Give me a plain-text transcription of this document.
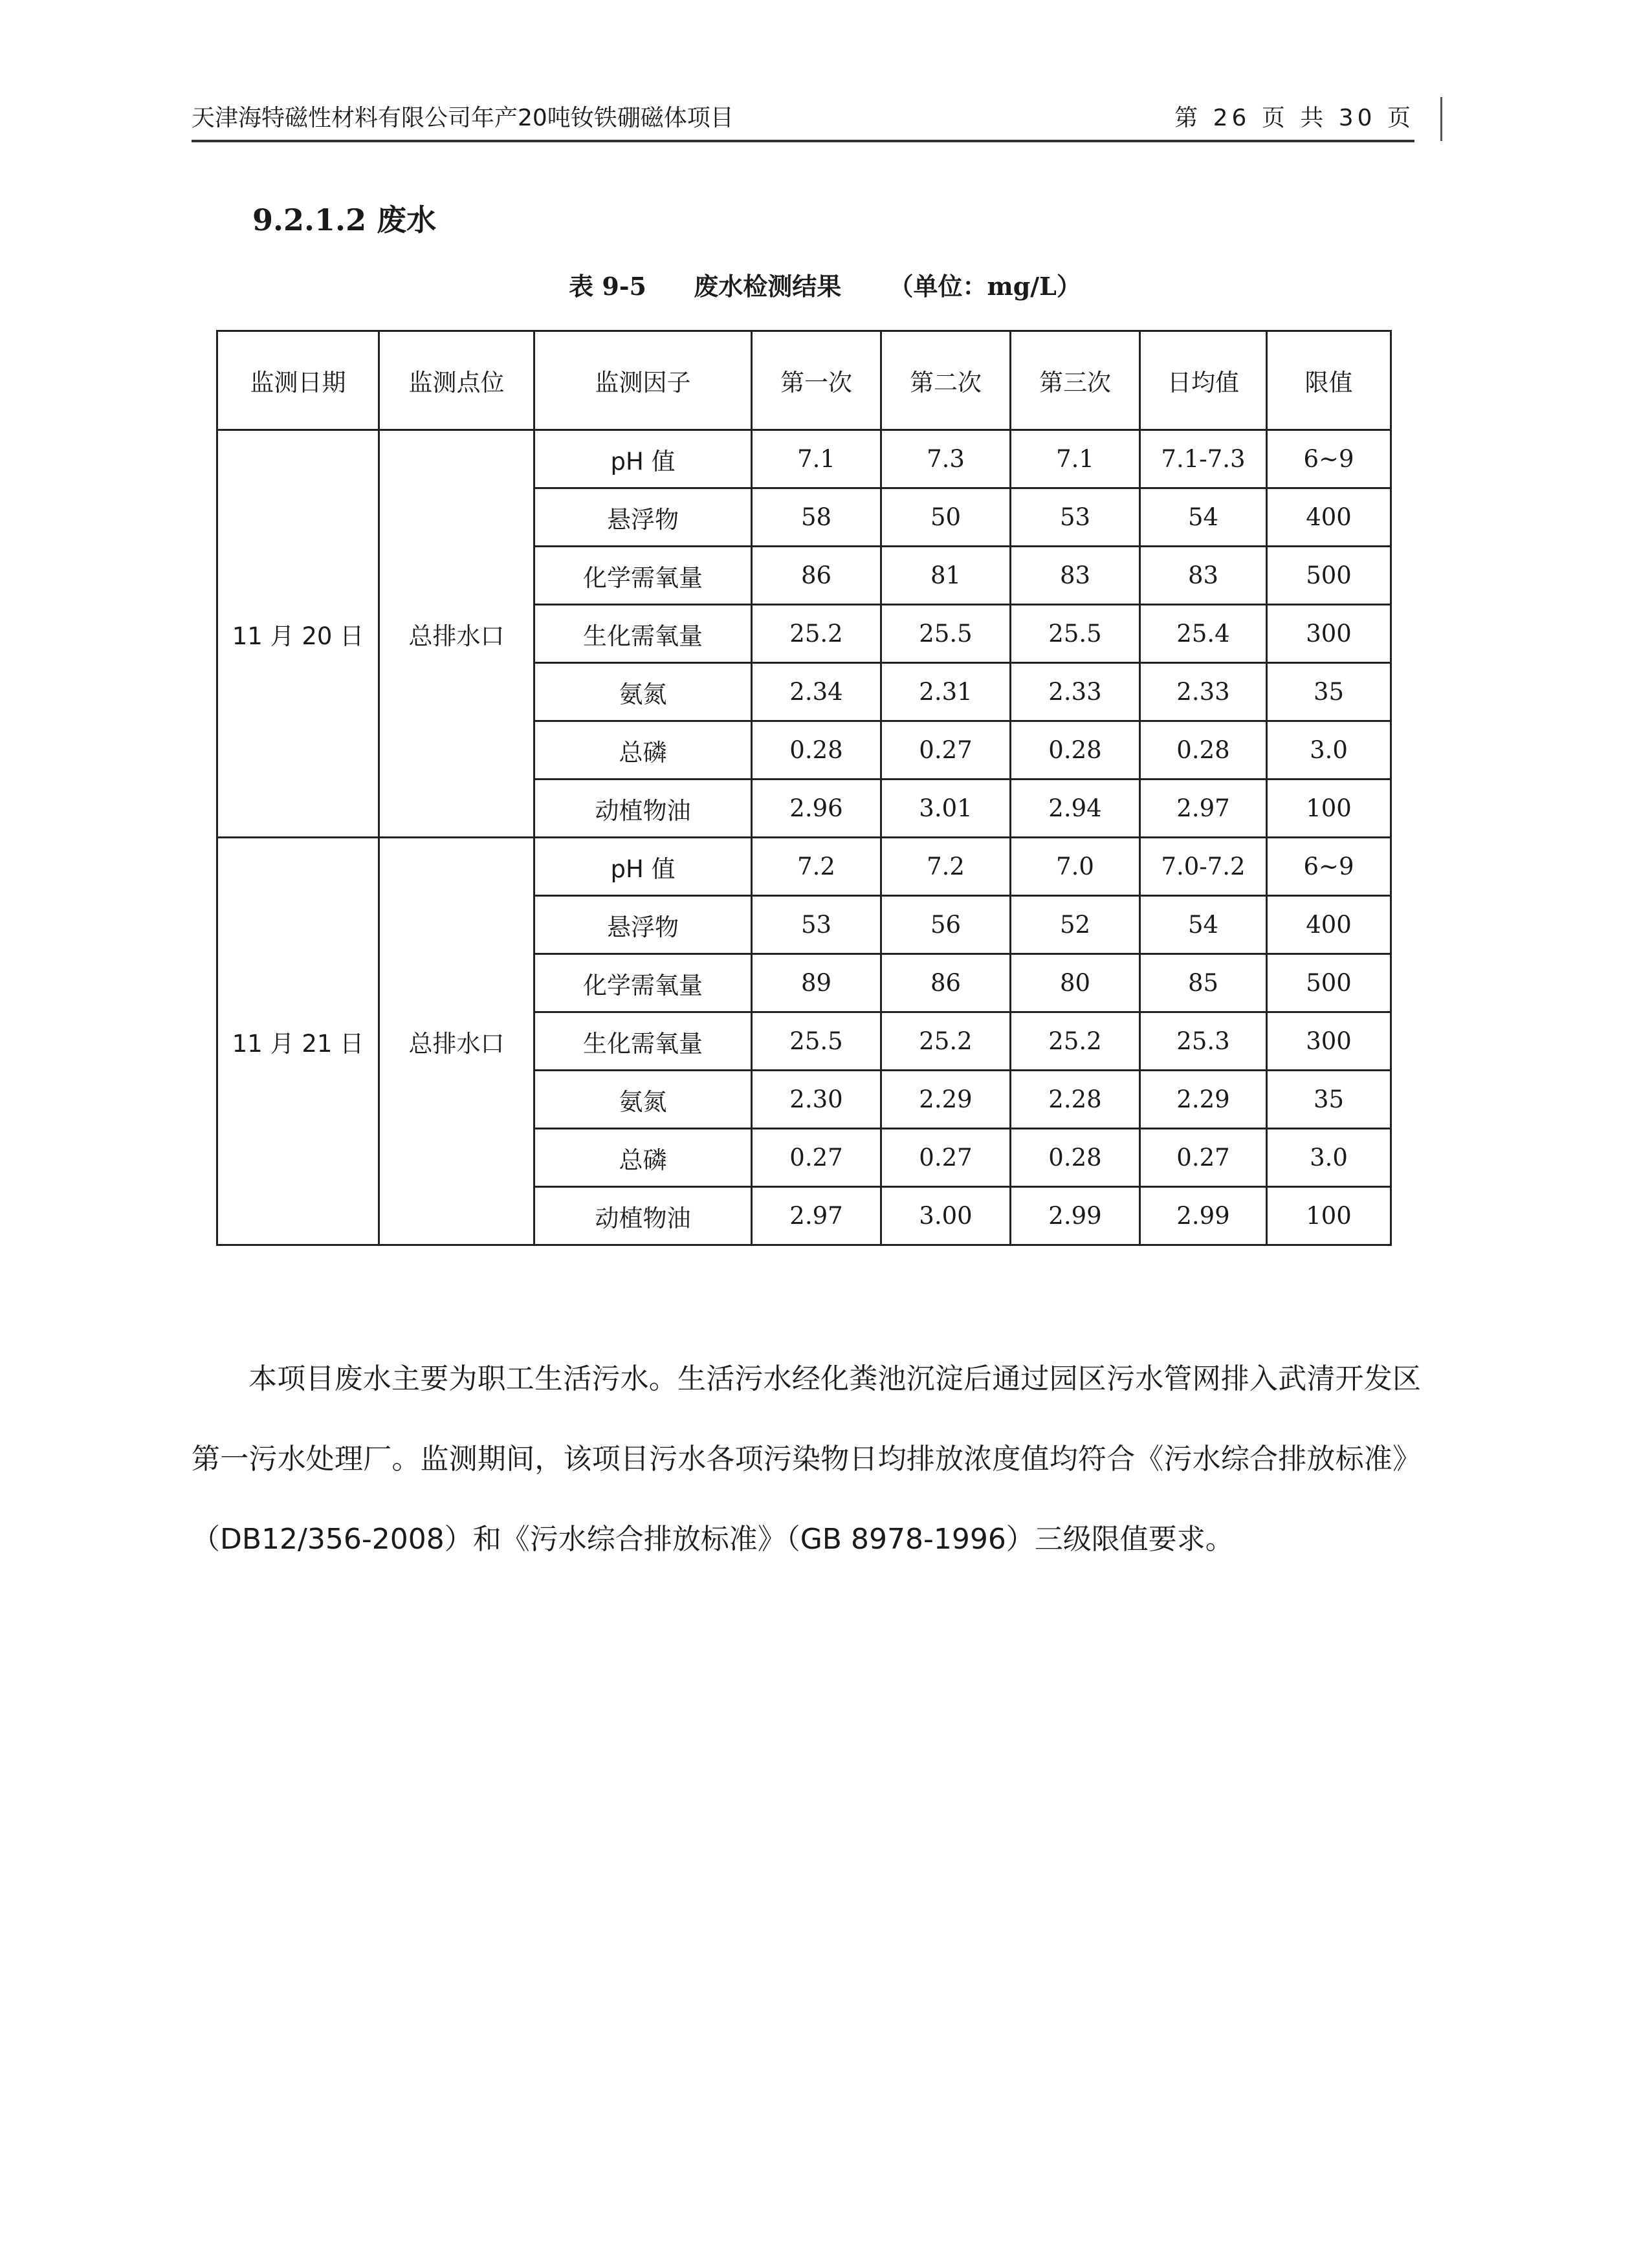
天津海特磁性材料有限公司年产20吨钕铁硼磁体项目	第 26 页 共 30 页
9.2.1.2 废水
表 9-5 废水检测结果 （单位：mg/L）
监测日期	监测点位	监测因子	第一次	第二次	第三次	日均值	限值
11 月 20 日	总排水口	pH 值	7.1	7.3	7.1	7.1-7.3	6~9
		悬浮物	58	50	53	54	400
		化学需氧量	86	81	83	83	500
		生化需氧量	25.2	25.5	25.5	25.4	300
		氨氮	2.34	2.31	2.33	2.33	35
		总磷	0.28	0.27	0.28	0.28	3.0
		动植物油	2.96	3.01	2.94	2.97	100
11 月 21 日	总排水口	pH 值	7.2	7.2	7.0	7.0-7.2	6~9
		悬浮物	53	56	52	54	400
		化学需氧量	89	86	80	85	500
		生化需氧量	25.5	25.2	25.2	25.3	300
		氨氮	2.30	2.29	2.28	2.29	35
		总磷	0.27	0.27	0.28	0.27	3.0
		动植物油	2.97	3.00	2.99	2.99	100

本项目废水主要为职工生活污水。生活污水经化粪池沉淀后通过园区污水管网排入武清开发区第一污水处理厂。监测期间，该项目污水各项污染物日均排放浓度值均符合《污水综合排放标准》（DB12/356-2008）和《污水综合排放标准》（GB 8978-1996）三级限值要求。
